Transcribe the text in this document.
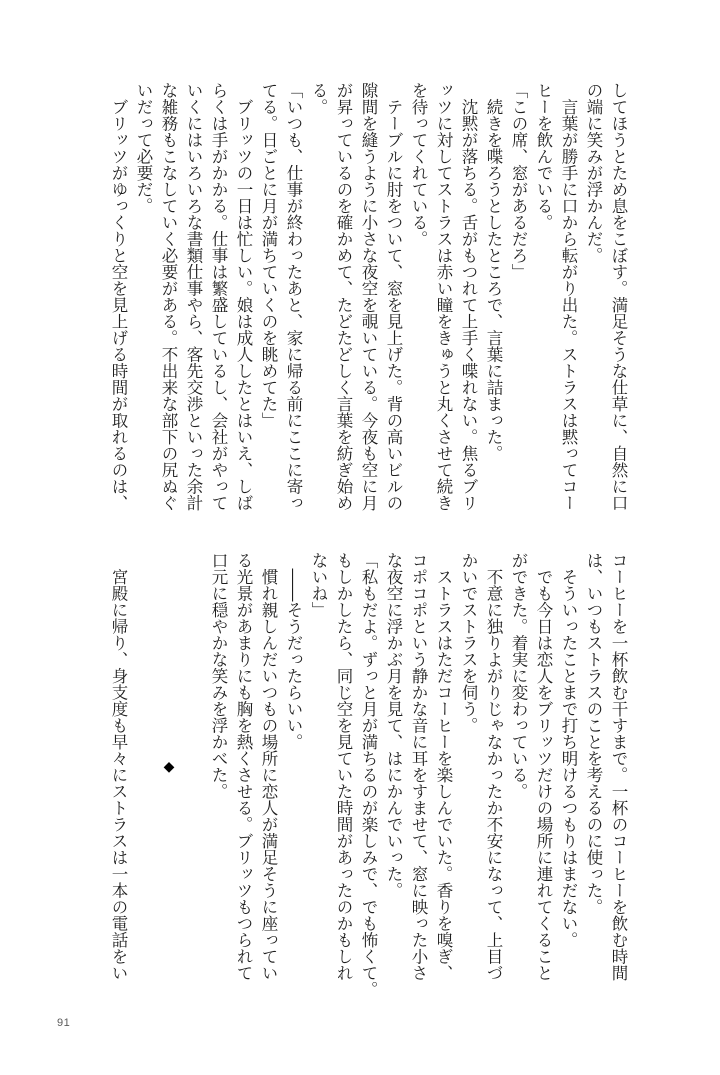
してほうとため息をこぼす。満足そうな仕草に、自然に口
の端に笑みが浮かんだ。
　言葉が勝手に口から転がり出た。ストラスは黙ってコー
ヒーを飲んでいる。
「この席、窓があるだろ」
　続きを喋ろうとしたところで、言葉に詰まった。
　沈黙が落ちる。舌がもつれて上手く喋れない。焦るブリ
ッツに対してストラスは赤い瞳をきゅうと丸くさせて続き
を待ってくれている。
　テーブルに肘をついて、窓を見上げた。背の高いビルの
隙間を縫うように小さな夜空を覗いている。今夜も空に月
が昇っているのを確かめて、たどたどしく言葉を紡ぎ始め
る。
「いつも、仕事が終わったあと、家に帰る前にここに寄っ
てる。日ごとに月が満ちていくのを眺めてた」
　ブリッツの一日は忙しい。娘は成人したとはいえ、しば
らくは手がかかる。仕事は繁盛しているし、会社がやって
いくにはいろいろな書類仕事やら、客先交渉といった余計
な雑務もこなしていく必要がある。不出来な部下の尻ぬぐ
いだって必要だ。
　ブリッツがゆっくりと空を見上げる時間が取れるのは、
コーヒーを一杯飲む干すまで。一杯のコーヒーを飲む時間
は、いつもストラスのことを考えるのに使った。
　そういったことまで打ち明けるつもりはまだない。
　でも今日は恋人をブリッツだけの場所に連れてくること
ができた。着実に変わっている。
　不意に独りよがりじゃなかったか不安になって、上目づ
かいでストラスを伺う。
　ストラスはただコーヒーを楽しんでいた。香りを嗅ぎ、
コポコポという静かな音に耳をすませて、窓に映った小さ
な夜空に浮かぶ月を見て、はにかんでいった。
「私もだよ。ずっと月が満ちるのが楽しみで、でも怖くて。
もしかしたら、同じ空を見ていた時間があったのかもしれ
ないね」
　――そうだったらいい。
　慣れ親しんだいつもの場所に恋人が満足そうに座ってい
る光景があまりにも胸を熱くさせる。ブリッツもつられて
口元に穏やかな笑みを浮かべた。
◆
　宮殿に帰り、身支度も早々にストラスは一本の電話をい
91
